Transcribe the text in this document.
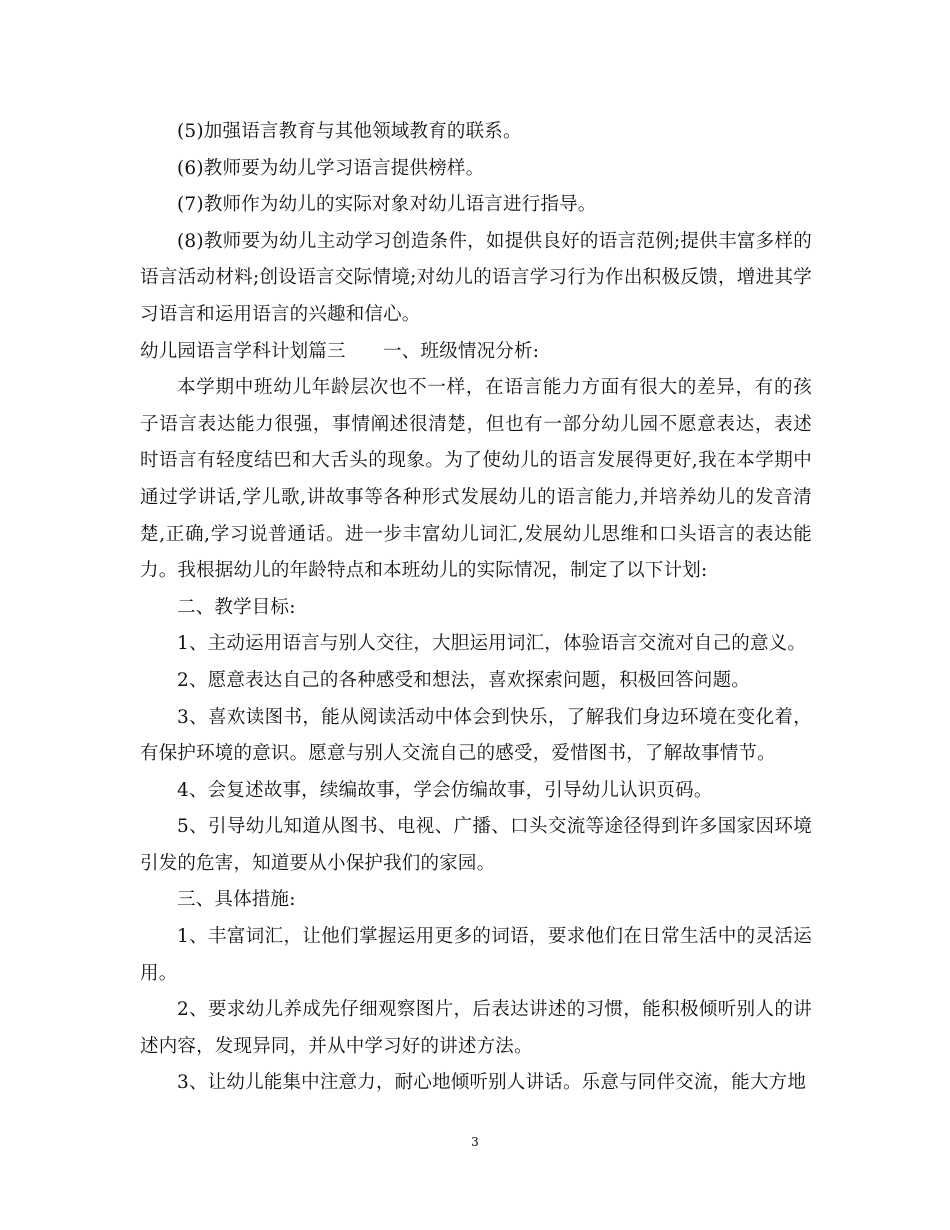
(5)加强语言教育与其他领域教育的联系。

(6)教师要为幼儿学习语言提供榜样。

(7)教师作为幼儿的实际对象对幼儿语言进行指导。

(8)教师要为幼儿主动学习创造条件，如提供良好的语言范例;提供丰富多样的语言活动材料;创设语言交际情境;对幼儿的语言学习行为作出积极反馈，增进其学习语言和运用语言的兴趣和信心。

幼儿园语言学科计划篇三　　一、班级情况分析:

本学期中班幼儿年龄层次也不一样，在语言能力方面有很大的差异，有的孩子语言表达能力很强，事情阐述很清楚，但也有一部分幼儿园不愿意表达，表述时语言有轻度结巴和大舌头的现象。为了使幼儿的语言发展得更好,我在本学期中通过学讲话,学儿歌,讲故事等各种形式发展幼儿的语言能力,并培养幼儿的发音清楚,正确,学习说普通话。进一步丰富幼儿词汇,发展幼儿思维和口头语言的表达能力。我根据幼儿的年龄特点和本班幼儿的实际情况，制定了以下计划:

二、教学目标:

1、主动运用语言与别人交往，大胆运用词汇，体验语言交流对自己的意义。

2、愿意表达自己的各种感受和想法，喜欢探索问题，积极回答问题。

3、喜欢读图书，能从阅读活动中体会到快乐，了解我们身边环境在变化着，有保护环境的意识。愿意与别人交流自己的感受，爱惜图书，了解故事情节。

4、会复述故事，续编故事，学会仿编故事，引导幼儿认识页码。

5、引导幼儿知道从图书、电视、广播、口头交流等途径得到许多国家因环境引发的危害，知道要从小保护我们的家园。

三、具体措施:

1、丰富词汇，让他们掌握运用更多的词语，要求他们在日常生活中的灵活运用。

2、要求幼儿养成先仔细观察图片，后表达讲述的习惯，能积极倾听别人的讲述内容，发现异同，并从中学习好的讲述方法。

3、让幼儿能集中注意力，耐心地倾听别人讲话。乐意与同伴交流，能大方地

3
